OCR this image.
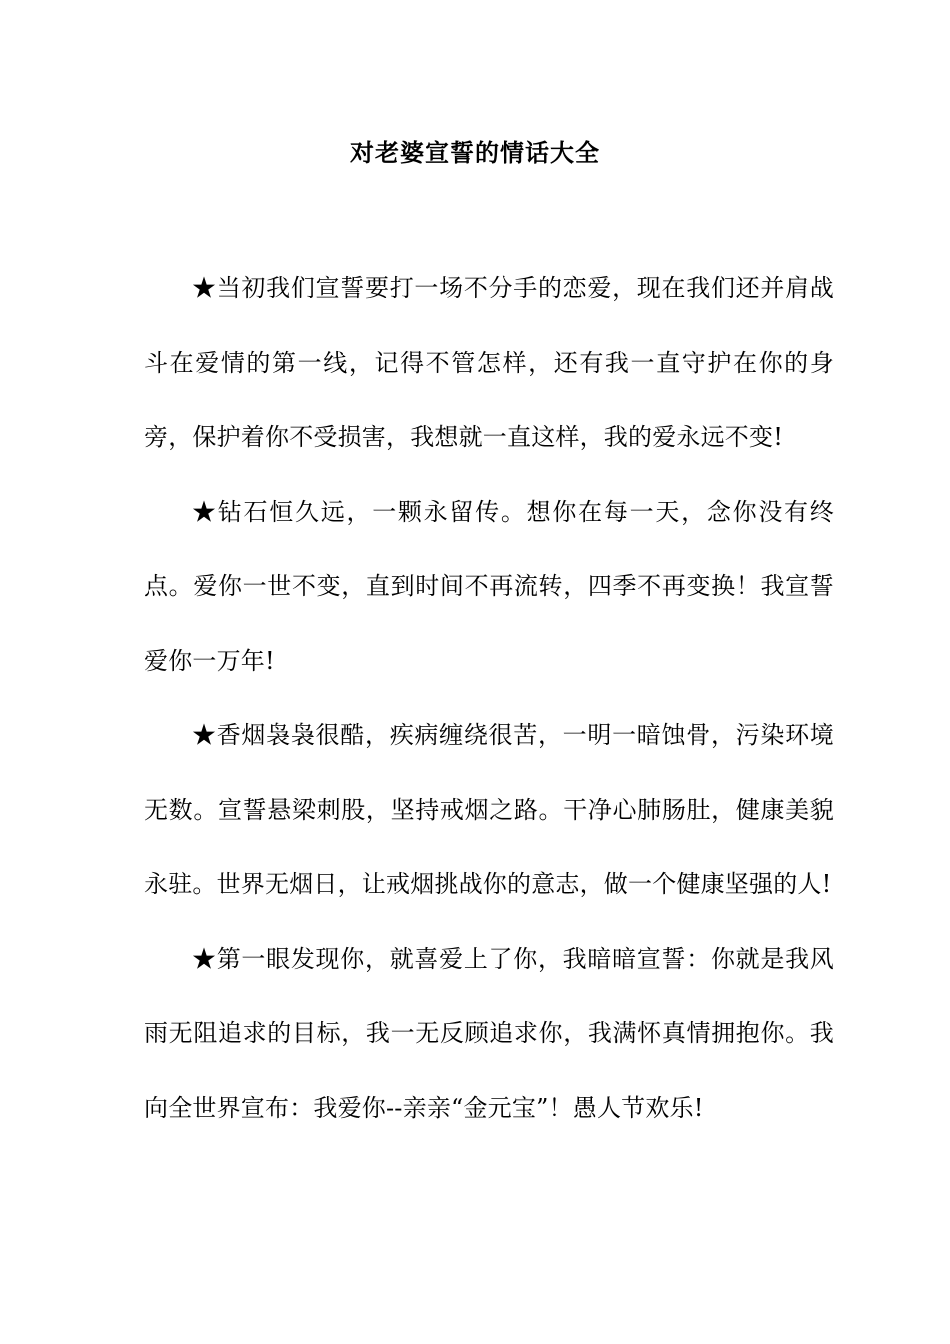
对老婆宣誓的情话大全

★当初我们宣誓要打一场不分手的恋爱，现在我们还并肩战斗在爱情的第一线，记得不管怎样，还有我一直守护在你的身旁，保护着你不受损害，我想就一直这样，我的爱永远不变!

★钻石恒久远，一颗永留传。想你在每一天，念你没有终点。爱你一世不变，直到时间不再流转，四季不再变换！我宣誓爱你一万年!

★香烟袅袅很酷，疾病缠绕很苦，一明一暗蚀骨，污染环境无数。宣誓悬梁刺股，坚持戒烟之路。干净心肺肠肚，健康美貌永驻。世界无烟日，让戒烟挑战你的意志，做一个健康坚强的人!

★第一眼发现你，就喜爱上了你，我暗暗宣誓：你就是我风雨无阻追求的目标，我一无反顾追求你，我满怀真情拥抱你。我向全世界宣布：我爱你--亲亲“金元宝”！愚人节欢乐!
